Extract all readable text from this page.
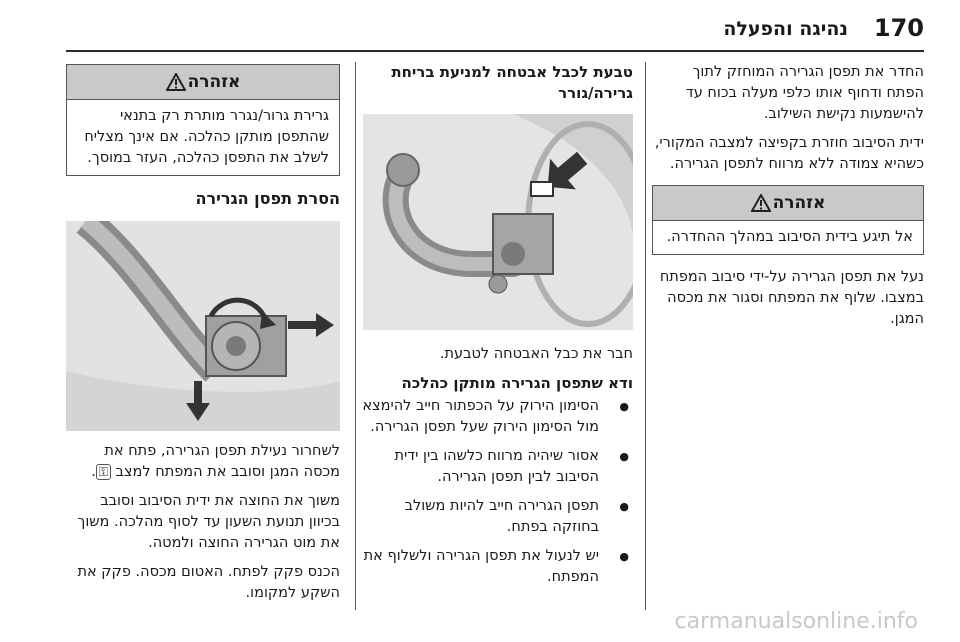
170
נהיגה והפעלה

החדר את תפסן הגרירה המוחזק לתוך הפתח ודחוף אותו כלפי מעלה בכוח עד להישמעות נקישת השילוב.

ידית הסיבוב חוזרת בקפיצה למצבה המקורי, כשהיא צמודה ללא מרווח לתפסן הגרירה.

אזהרה
אל תיגע בידית הסיבוב במהלך ההחדרה.

נעל את תפסן הגרירה על-ידי סיבוב המפתח במצבו. שלוף את המפתח וסגור את מכסה המגן.

טבעת לכבל אבטחה למניעת בריחת גרירה/גורר

חבר את כבל האבטחה לטבעת.

ודא שתפסן הגרירה מותקן כהלכה

● הסימון הירוק על הכפתור חייב להימצא מול הסימון הירוק שעל תפסן הגרירה.
● אסור שיהיה מרווח כלשהו בין ידית הסיבוב לבין תפסן הגרירה.
● תפסן הגרירה חייב להיות משולב בחוזקה בפתח.
● יש לנעול את תפסן הגרירה ולשלוף את המפתח.
אזהרה
גרירת גרור/נגרר מותרת רק בתנאי שהתפסן מותקן כהלכה. אם אינך מצליח לשלב את התפסן כהלכה, העזר במוסך.

הסרת תפסן הגרירה

לשחרור נעילת תפסן הגרירה, פתח את מכסה המגן וסובב את המפתח למצב ⚿.

משוך את החוצה את ידית הסיבוב וסובב בכיוון תנועת השעון עד לסוף מהלכה. משוך את מוט הגרירה החוצה ולמטה.

הכנס פקק לפתח. האטום מכסה. פקק את השקע למקומו.

carmanualsonline.info
